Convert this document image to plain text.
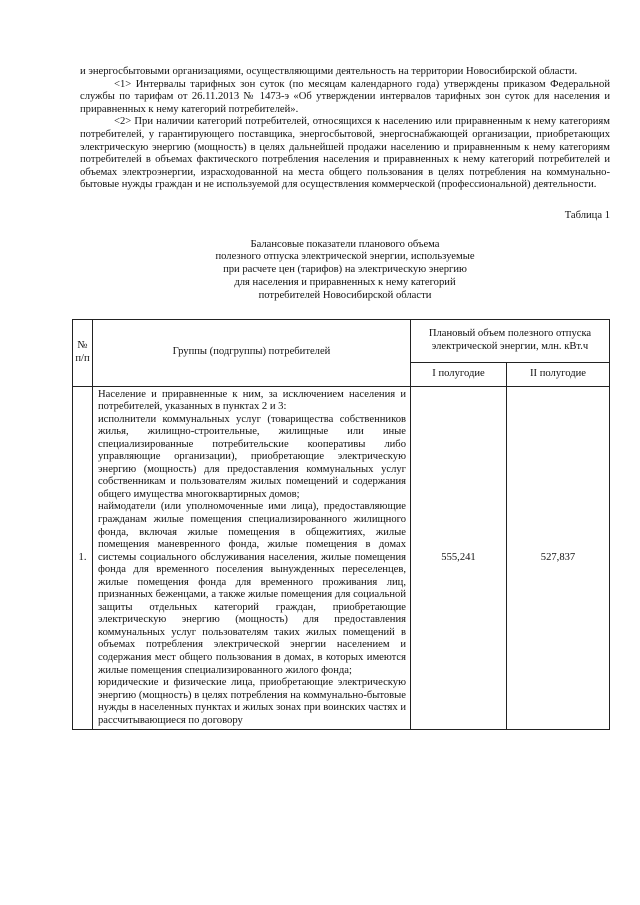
и энергосбытовыми организациями, осуществляющими деятельность на территории Новосибирской области.

<1> Интервалы тарифных зон суток (по месяцам календарного года) утверждены приказом Федеральной службы по тарифам от 26.11.2013 № 1473-э «Об утверждении интервалов тарифных зон суток для населения и приравненных к нему категорий потребителей».

<2> При наличии категорий потребителей, относящихся к населению или приравненным к нему категориям потребителей, у гарантирующего поставщика, энергосбытовой, энергоснабжающей организации, приобретающих электрическую энергию (мощность) в целях дальнейшей продажи населению и приравненным к нему категориям потребителей в объемах фактического потребления населения и приравненных к нему категорий потребителей и объемах электроэнергии, израсходованной на места общего пользования в целях потребления на коммунально-бытовые нужды граждан и не используемой для осуществления коммерческой (профессиональной) деятельности.

Таблица 1
Балансовые показатели планового объема
полезного отпуска электрической энергии, используемые
при расчете цен (тарифов) на электрическую энергию
для населения и приравненных к нему категорий
потребителей Новосибирской области
№ п/п	Группы (подгруппы) потребителей	Плановый объем полезного отпуска электрической энергии, млн. кВт.ч	
		I полугодие	II полугодие
1.	Население и приравненные к ним, за исключением населения и потребителей, указанных в пунктах 2 и 3:
исполнители коммунальных услуг (товарищества собственников жилья, жилищно-строительные, жилищные или иные специализированные потребительские кооперативы либо управляющие организации), приобретающие электрическую энергию (мощность) для предоставления коммунальных услуг собственникам и пользователям жилых помещений и содержания общего имущества многоквартирных домов;
наймодатели (или уполномоченные ими лица), предоставляющие гражданам жилые помещения специализированного жилищного фонда, включая жилые помещения в общежитиях, жилые помещения маневренного фонда, жилые помещения в домах системы социального обслуживания населения, жилые помещения фонда для временного поселения вынужденных переселенцев, жилые помещения фонда для временного проживания лиц, признанных беженцами, а также жилые помещения для социальной защиты отдельных категорий граждан, приобретающие электрическую энергию (мощность) для предоставления коммунальных услуг пользователям таких жилых помещений в объемах потребления электрической энергии населением и содержания мест общего пользования в домах, в которых имеются жилые помещения специализированного жилого фонда;
юридические и физические лица, приобретающие электрическую энергию (мощность) в целях потребления на коммунально-бытовые нужды в населенных пунктах и жилых зонах при воинских частях и рассчитывающиеся по договору	555,241	527,837
